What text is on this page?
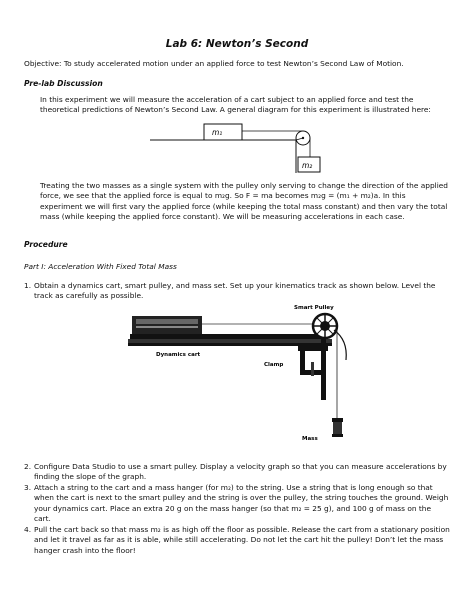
Lab 6: Newton’s Second
Objective: To study accelerated motion under an applied force to test Newton’s Second Law of Motion.
Pre-lab Discussion
In this experiment we will measure the acceleration of a cart subject to an applied force and test the theoretical predictions of Newton’s Second Law. A general diagram for this experiment is illustrated here:
m₁
m₂
Treating the two masses as a single system with the pulley only serving to change the direction of the applied force, we see that the applied force is equal to m₂g. So F = ma becomes m₂g = (m₁ + m₂)a. In this experiment we will first vary the applied force (while keeping the total mass constant) and then vary the total mass (while keeping the applied force constant). We will be measuring accelerations in each case.
Procedure
Part I: Acceleration With Fixed Total Mass
1. Obtain a dynamics cart, smart pulley, and mass set. Set up your kinematics track as shown below. Level the track as carefully as possible.
Smart Pulley
Dynamics cart
Clamp
Mass
2. Configure Data Studio to use a smart pulley. Display a velocity graph so that you can measure accelerations by finding the slope of the graph.
3. Attach a string to the cart and a mass hanger (for m₂) to the string. Use a string that is long enough so that when the cart is next to the smart pulley and the string is over the pulley, the string touches the ground. Weigh your dynamics cart. Place an extra 20 g on the mass hanger (so that m₂ = 25 g), and 100 g of mass on the cart.
4. Pull the cart back so that mass m₂ is as high off the floor as possible. Release the cart from a stationary position and let it travel as far as it is able, while still accelerating. Do not let the cart hit the pulley! Don’t let the mass hanger crash into the floor!
